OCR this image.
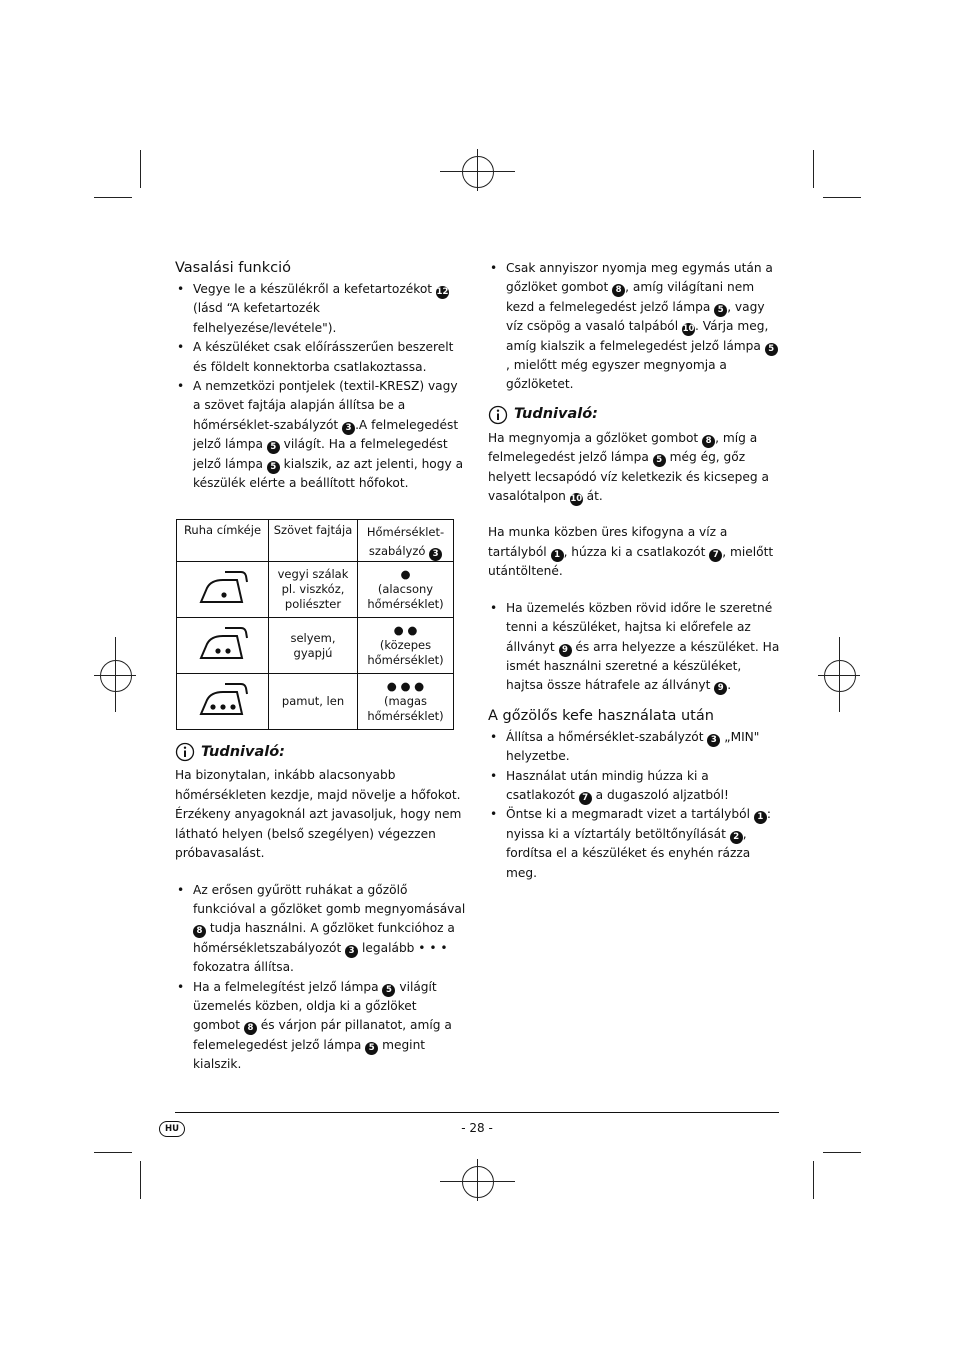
Vasalási funkció
• Vegye le a készülékről a kefetartozékot 12 (lásd “A kefetartozék felhelyezése/levétele").
• A készüléket csak előírásszerűen beszerelt és földelt konnektorba csatlakoztassa.
• A nemzetközi pontjelek (textil-KRESZ) vagy a szövet fajtája alapján állítsa be a hőmérséklet-szabályzót 3 .A felmelegedést jelző lámpa 5 világít. Ha a felmelegedést jelző lámpa 5 kialszik, az azt jelenti, hogy a készülék elérte a beállított hőfokot.
Ruha címkéje	Szövet fajtája	Hőmérséklet-szabályzó 3
	vegyi szálak pl. viszkóz, poliészter	●
(alacsony hőmérséklet)

	selyem, gyapjú	● ●
(közepes hőmérséklet)

	pamut, len	● ● ●
(magas hőmérséklet)
Tudnivaló:

Ha bizonytalan, inkább alacsonyabb hőmérsékleten kezdje, majd növelje a hőfokot. Érzékeny anyagoknál azt javasoljuk, hogy nem látható helyen (belső szegélyen) végezzen próbavasalást.

• Az erősen gyűrött ruhákat a gőzölő funkcióval a gőzlöket gomb megnyomásával 8 tudja használni. A gőzlöket funkcióhoz a hőmérsékletszabályozót 3 legalább • • • fokozatra állítsa.
• Ha a felmelegítést jelző lámpa 5 világít üzemelés közben, oldja ki a gőzlöket gombot 8 és várjon pár pillanatot, amíg a felemelegedést jelző lámpa 5 megint kialszik.
• Csak annyiszor nyomja meg egymás után a gőzlöket gombot 8 , amíg világítani nem kezd a felmelegedést jelző lámpa 5 , vagy víz csöpög a vasaló talpából 10. Várja meg, amíg kialszik a felmelegedést jelző lámpa 5, mielőtt még egyszer megnyomja a gőzlöketet.
Tudnivaló:

Ha megnyomja a gőzlöket gombot 8 , míg a felmelegedést jelző lámpa 5 még ég, gőz helyett lecsapódó víz keletkezik és kicsepeg a vasalótalpon 10 át.

Ha munka közben üres kifogyna a víz a tartályból 1 , húzza ki a csatlakozót 7 , mielőtt utántöltené.

• Ha üzemelés közben rövid időre le szeretné tenni a készüléket, hajtsa ki előrefele az állványt 9 és arra helyezze a készüléket. Ha ismét használni szeretné a készüléket, hajtsa össze hátrafele az állványt 9 .
A gőzölős kefe használata után
• Állítsa a hőmérséklet-szabályzót 3 „MIN" helyzetbe.
• Használat után mindig húzza ki a csatlakozót 7 a dugaszoló aljzatból!
• Öntse ki a megmaradt vizet a tartályból 1 : nyissa ki a víztartály betöltőnyílását 2 , fordítsa el a készüléket és enyhén rázza meg.
HU	- 28 -
